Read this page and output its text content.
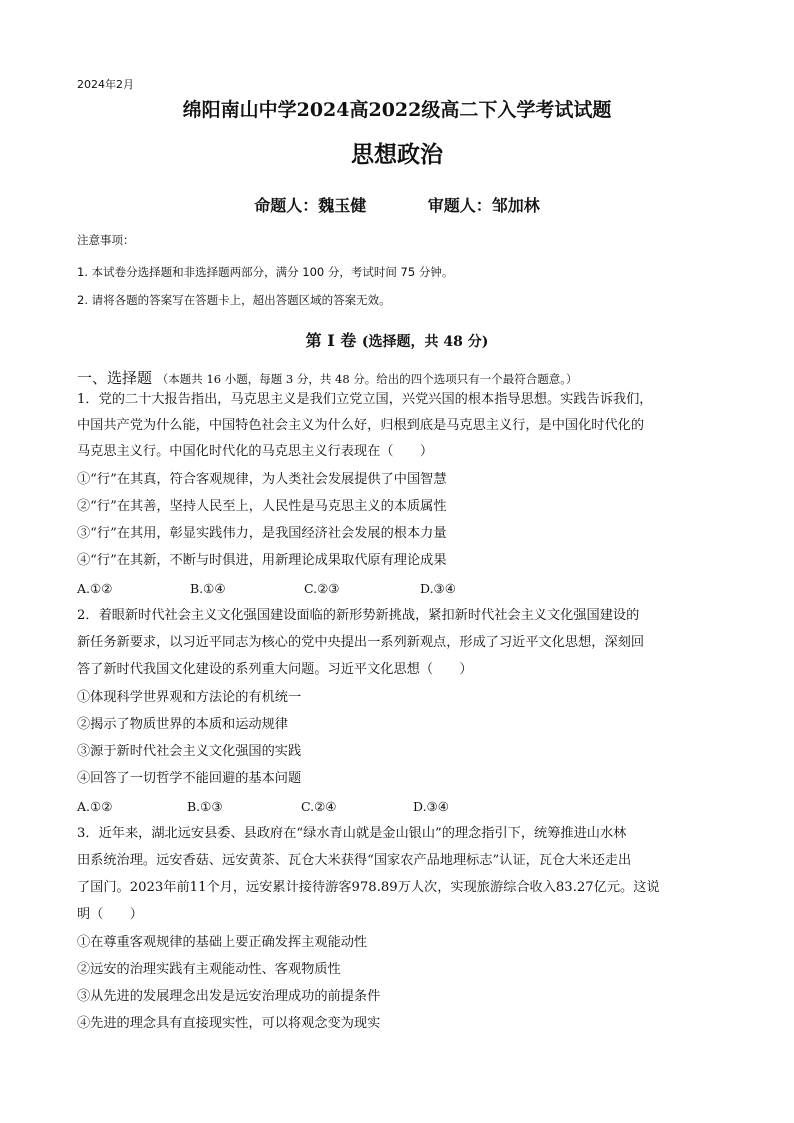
2024年2月
绵阳南山中学2024高2022级高二下入学考试试题
思想政治
命题人：魏玉健	审题人：邹加林
注意事项：
1. 本试卷分选择题和非选择题两部分，满分 100 分，考试时间 75 分钟。
2. 请将各题的答案写在答题卡上，超出答题区域的答案无效。
第 I 卷 (选择题，共 48 分)
一、选择题 （本题共 16 小题，每题 3 分，共 48 分。给出的四个选项只有一个最符合题意。）
1．党的二十大报告指出，马克思主义是我们立党立国，兴党兴国的根本指导思想。实践告诉我们，
中国共产党为什么能，中国特色社会主义为什么好，归根到底是马克思主义行，是中国化时代化的
马克思主义行。中国化时代化的马克思主义行表现在（　　）
①“行”在其真，符合客观规律，为人类社会发展提供了中国智慧
②“行”在其善，坚持人民至上，人民性是马克思主义的本质属性
③“行”在其用，彰显实践伟力，是我国经济社会发展的根本力量
④“行”在其新，不断与时俱进，用新理论成果取代原有理论成果
A.①②	B.①④	C.②③	D.③④
2．着眼新时代社会主义文化强国建设面临的新形势新挑战，紧扣新时代社会主义文化强国建设的
新任务新要求，以习近平同志为核心的党中央提出一系列新观点，形成了习近平文化思想，深刻回
答了新时代我国文化建设的系列重大问题。习近平文化思想（　　）
①体现科学世界观和方法论的有机统一
②揭示了物质世界的本质和运动规律
③源于新时代社会主义文化强国的实践
④回答了一切哲学不能回避的基本问题
A.①②	B.①③	C.②④	D.③④
3．近年来，湖北远安县委、县政府在“绿水青山就是金山银山”的理念指引下，统筹推进山水林
田系统治理。远安香菇、远安黄茶、瓦仓大米获得“国家农产品地理标志”认证，瓦仓大米还走出
了国门。2023年前11个月，远安累计接待游客978.89万人次，实现旅游综合收入83.27亿元。这说
明（　　）
①在尊重客观规律的基础上要正确发挥主观能动性
②远安的治理实践有主观能动性、客观物质性
③从先进的发展理念出发是远安治理成功的前提条件
④先进的理念具有直接现实性，可以将观念变为现实
